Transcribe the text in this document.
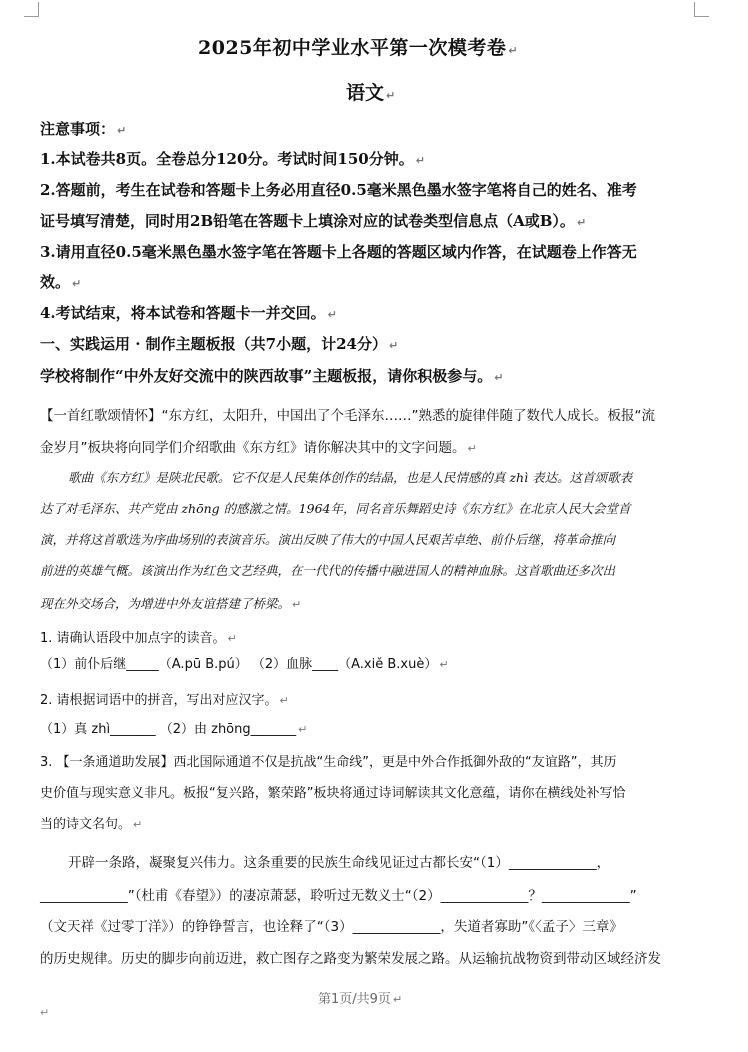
2025年初中学业水平第一次模考卷 ↵
语文 ↵
注意事项： ↵
1.本试卷共8页。全卷总分120分。考试时间150分钟。 ↵
2.答题前，考生在试卷和答题卡上务必用直径0.5毫米黑色墨水签字笔将自己的姓名、准考
证号填写清楚，同时用2B铅笔在答题卡上填涂对应的试卷类型信息点（A或B）。 ↵
3.请用直径0.5毫米黑色墨水签字笔在答题卡上各题的答题区域内作答，在试题卷上作答无
效。 ↵
4.考试结束，将本试卷和答题卡一并交回。 ↵
一、实践运用 · 制作主题板报（共7小题，计24分） ↵
学校将制作“中外友好交流中的陕西故事”主题板报，请你积极参与。 ↵
【一首红歌颂情怀】“东方红，太阳升，中国出了个毛泽东……”熟悉的旋律伴随了数代人成长。板报“流
金岁月”板块将向同学们介绍歌曲《东方红》请你解决其中的文字问题。 ↵
歌曲《东方红》是陕北民歌。它不仅是人民集体创作的结晶，也是人民情感的真 zhì 表达。这首颂歌表
达了对毛泽东、共产党由 zhōng 的感激之情。1964年，同名音乐舞蹈史诗《东方红》在北京人民大会堂首
演，并将这首歌选为序曲场别的表演音乐。演出反映了伟大的中国人民艰苦卓绝、前仆后继，将革命推向
前进的英雄气概。该演出作为红色文艺经典，在一代代的传播中融进国人的精神血脉。这首歌曲还多次出
现在外交场合，为增进中外友谊搭建了桥梁。 ↵
1. 请确认语段中加点字的读音。 ↵
（1）前仆后继_____（A.pū B.pú） （2）血脉____（A.xiě B.xuè） ↵
2. 请根据词语中的拼音，写出对应汉字。 ↵
（1）真 zhì_______ （2）由 zhōng_______ ↵
3. 【一条通道助发展】西北国际通道不仅是抗战“生命线”，更是中外合作抵御外敌的“友谊路”，其历
史价值与现实意义非凡。板报“复兴路，繁荣路”板块将通过诗词解读其文化意蕴，请你在横线处补写恰
当的诗文名句。 ↵
开辟一条路，凝聚复兴伟力。这条重要的民族生命线见证过古都长安“（1）_____________，
_____________”（杜甫《春望》）的凄凉萧瑟，聆听过无数义士“（2）_____________？_____________”
（文天祥《过零丁洋》）的铮铮誓言，也诠释了“（3）_____________，失道者寡助”《〈孟子〉三章》
的历史规律。历史的脚步向前迈进，救亡图存之路变为繁荣发展之路。从运输抗战物资到带动区域经济发
第1页/共9页 ↵
↵
